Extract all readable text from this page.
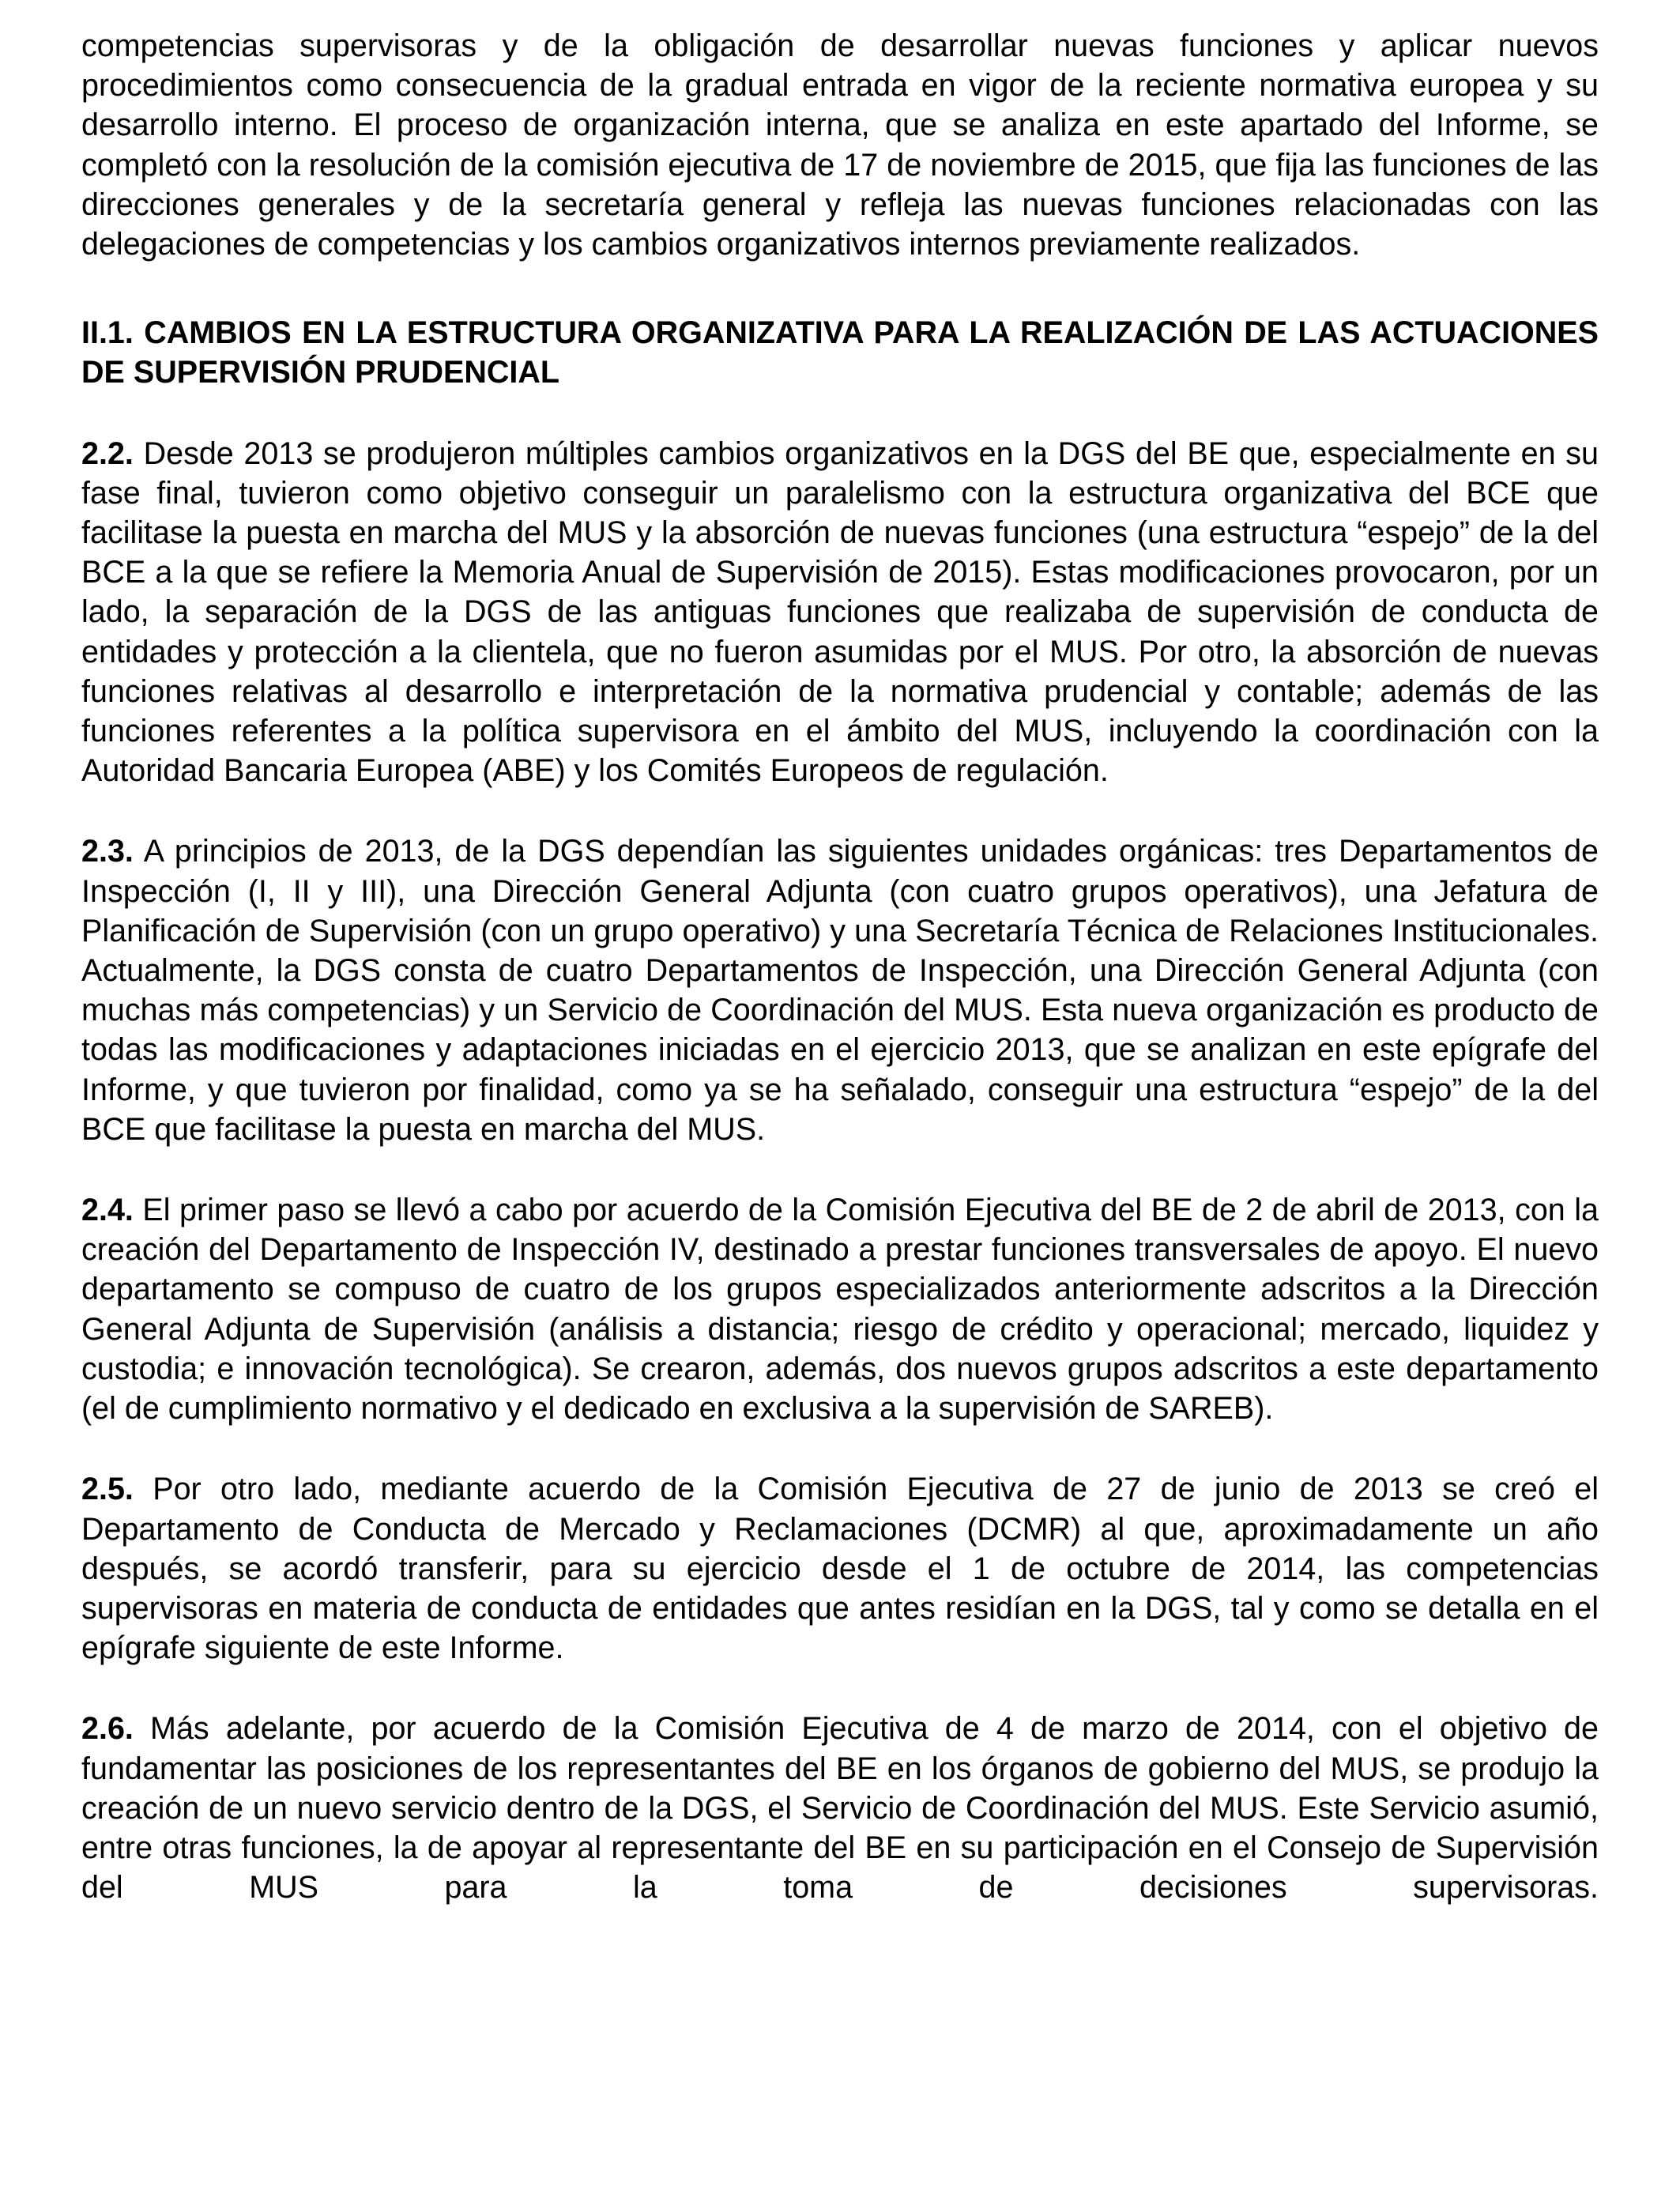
competencias supervisoras y de la obligación de desarrollar nuevas funciones y aplicar nuevos procedimientos como consecuencia de la gradual entrada en vigor de la reciente normativa europea y su desarrollo interno. El proceso de organización interna, que se analiza en este apartado del Informe, se completó con la resolución de la comisión ejecutiva de 17 de noviembre de 2015, que fija las funciones de las direcciones generales y de la secretaría general y refleja las nuevas funciones relacionadas con las delegaciones de competencias y los cambios organizativos internos previamente realizados.

II.1. CAMBIOS EN LA ESTRUCTURA ORGANIZATIVA PARA LA REALIZACIÓN DE LAS ACTUACIONES DE SUPERVISIÓN PRUDENCIAL

2.2. Desde 2013 se produjeron múltiples cambios organizativos en la DGS del BE que, especialmente en su fase final, tuvieron como objetivo conseguir un paralelismo con la estructura organizativa del BCE que facilitase la puesta en marcha del MUS y la absorción de nuevas funciones (una estructura “espejo” de la del BCE a la que se refiere la Memoria Anual de Supervisión de 2015). Estas modificaciones provocaron, por un lado, la separación de la DGS de las antiguas funciones que realizaba de supervisión de conducta de entidades y protección a la clientela, que no fueron asumidas por el MUS. Por otro, la absorción de nuevas funciones relativas al desarrollo e interpretación de la normativa prudencial y contable; además de las funciones referentes a la política supervisora en el ámbito del MUS, incluyendo la coordinación con la Autoridad Bancaria Europea (ABE) y los Comités Europeos de regulación.

2.3. A principios de 2013, de la DGS dependían las siguientes unidades orgánicas: tres Departamentos de Inspección (I, II y III), una Dirección General Adjunta (con cuatro grupos operativos), una Jefatura de Planificación de Supervisión (con un grupo operativo) y una Secretaría Técnica de Relaciones Institucionales. Actualmente, la DGS consta de cuatro Departamentos de Inspección, una Dirección General Adjunta (con muchas más competencias) y un Servicio de Coordinación del MUS. Esta nueva organización es producto de todas las modificaciones y adaptaciones iniciadas en el ejercicio 2013, que se analizan en este epígrafe del Informe, y que tuvieron por finalidad, como ya se ha señalado, conseguir una estructura “espejo” de la del BCE que facilitase la puesta en marcha del MUS.

2.4. El primer paso se llevó a cabo por acuerdo de la Comisión Ejecutiva del BE de 2 de abril de 2013, con la creación del Departamento de Inspección IV, destinado a prestar funciones transversales de apoyo. El nuevo departamento se compuso de cuatro de los grupos especializados anteriormente adscritos a la Dirección General Adjunta de Supervisión (análisis a distancia; riesgo de crédito y operacional; mercado, liquidez y custodia; e innovación tecnológica). Se crearon, además, dos nuevos grupos adscritos a este departamento (el de cumplimiento normativo y el dedicado en exclusiva a la supervisión de SAREB).

2.5. Por otro lado, mediante acuerdo de la Comisión Ejecutiva de 27 de junio de 2013 se creó el Departamento de Conducta de Mercado y Reclamaciones (DCMR) al que, aproximadamente un año después, se acordó transferir, para su ejercicio desde el 1 de octubre de 2014, las competencias supervisoras en materia de conducta de entidades que antes residían en la DGS, tal y como se detalla en el epígrafe siguiente de este Informe.

2.6. Más adelante, por acuerdo de la Comisión Ejecutiva de 4 de marzo de 2014, con el objetivo de fundamentar las posiciones de los representantes del BE en los órganos de gobierno del MUS, se produjo la creación de un nuevo servicio dentro de la DGS, el Servicio de Coordinación del MUS. Este Servicio asumió, entre otras funciones, la de apoyar al representante del BE en su participación en el Consejo de Supervisión del MUS para la toma de decisiones supervisoras.
